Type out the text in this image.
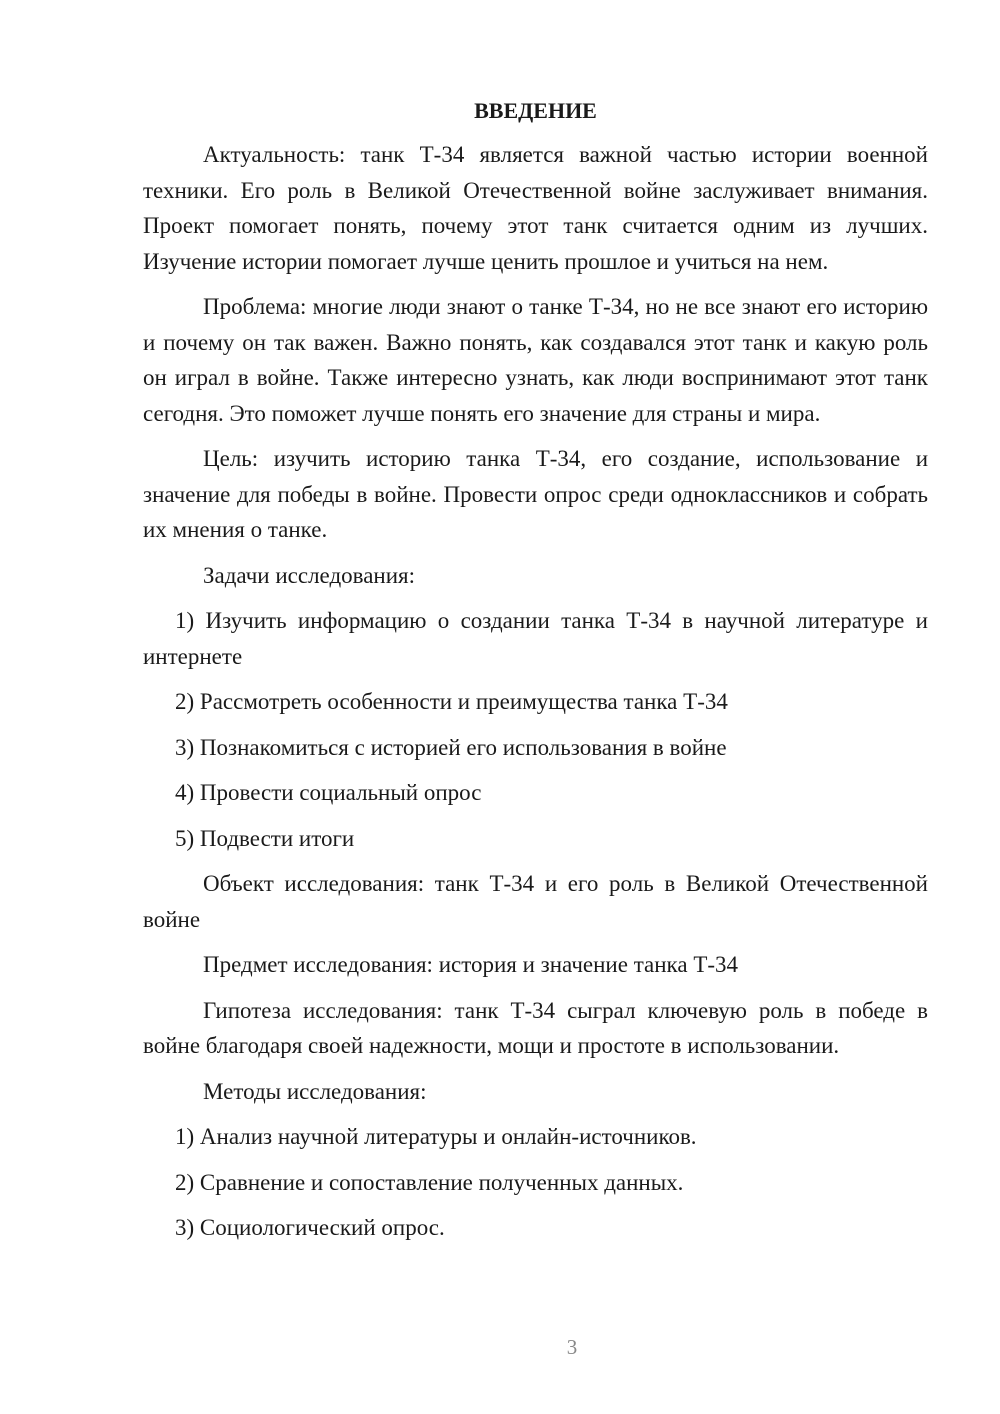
ВВЕДЕНИЕ

Актуальность: танк Т-34 является важной частью истории военной техники. Его роль в Великой Отечественной войне заслуживает внимания. Проект помогает понять, почему этот танк считается одним из лучших. Изучение истории помогает лучше ценить прошлое и учиться на нем.

Проблема: многие люди знают о танке Т-34, но не все знают его историю и почему он так важен. Важно понять, как создавался этот танк и какую роль он играл в войне. Также интересно узнать, как люди воспринимают этот танк сегодня. Это поможет лучше понять его значение для страны и мира.

Цель: изучить историю танка Т-34, его создание, использование и значение для победы в войне. Провести опрос среди одноклассников и собрать их мнения о танке.

Задачи исследования:

1) Изучить информацию о создании танка Т-34 в научной литературе и интернете

2) Рассмотреть особенности и преимущества танка Т-34

3) Познакомиться с историей его использования в войне

4) Провести социальный опрос

5) Подвести итоги

Объект исследования: танк Т-34 и его роль в Великой Отечественной войне

Предмет исследования: история и значение танка Т-34

Гипотеза исследования: танк Т-34 сыграл ключевую роль в победе в войне благодаря своей надежности, мощи и простоте в использовании.

Методы исследования:

1) Анализ научной литературы и онлайн-источников.

2) Сравнение и сопоставление полученных данных.

3) Социологический опрос.

3
